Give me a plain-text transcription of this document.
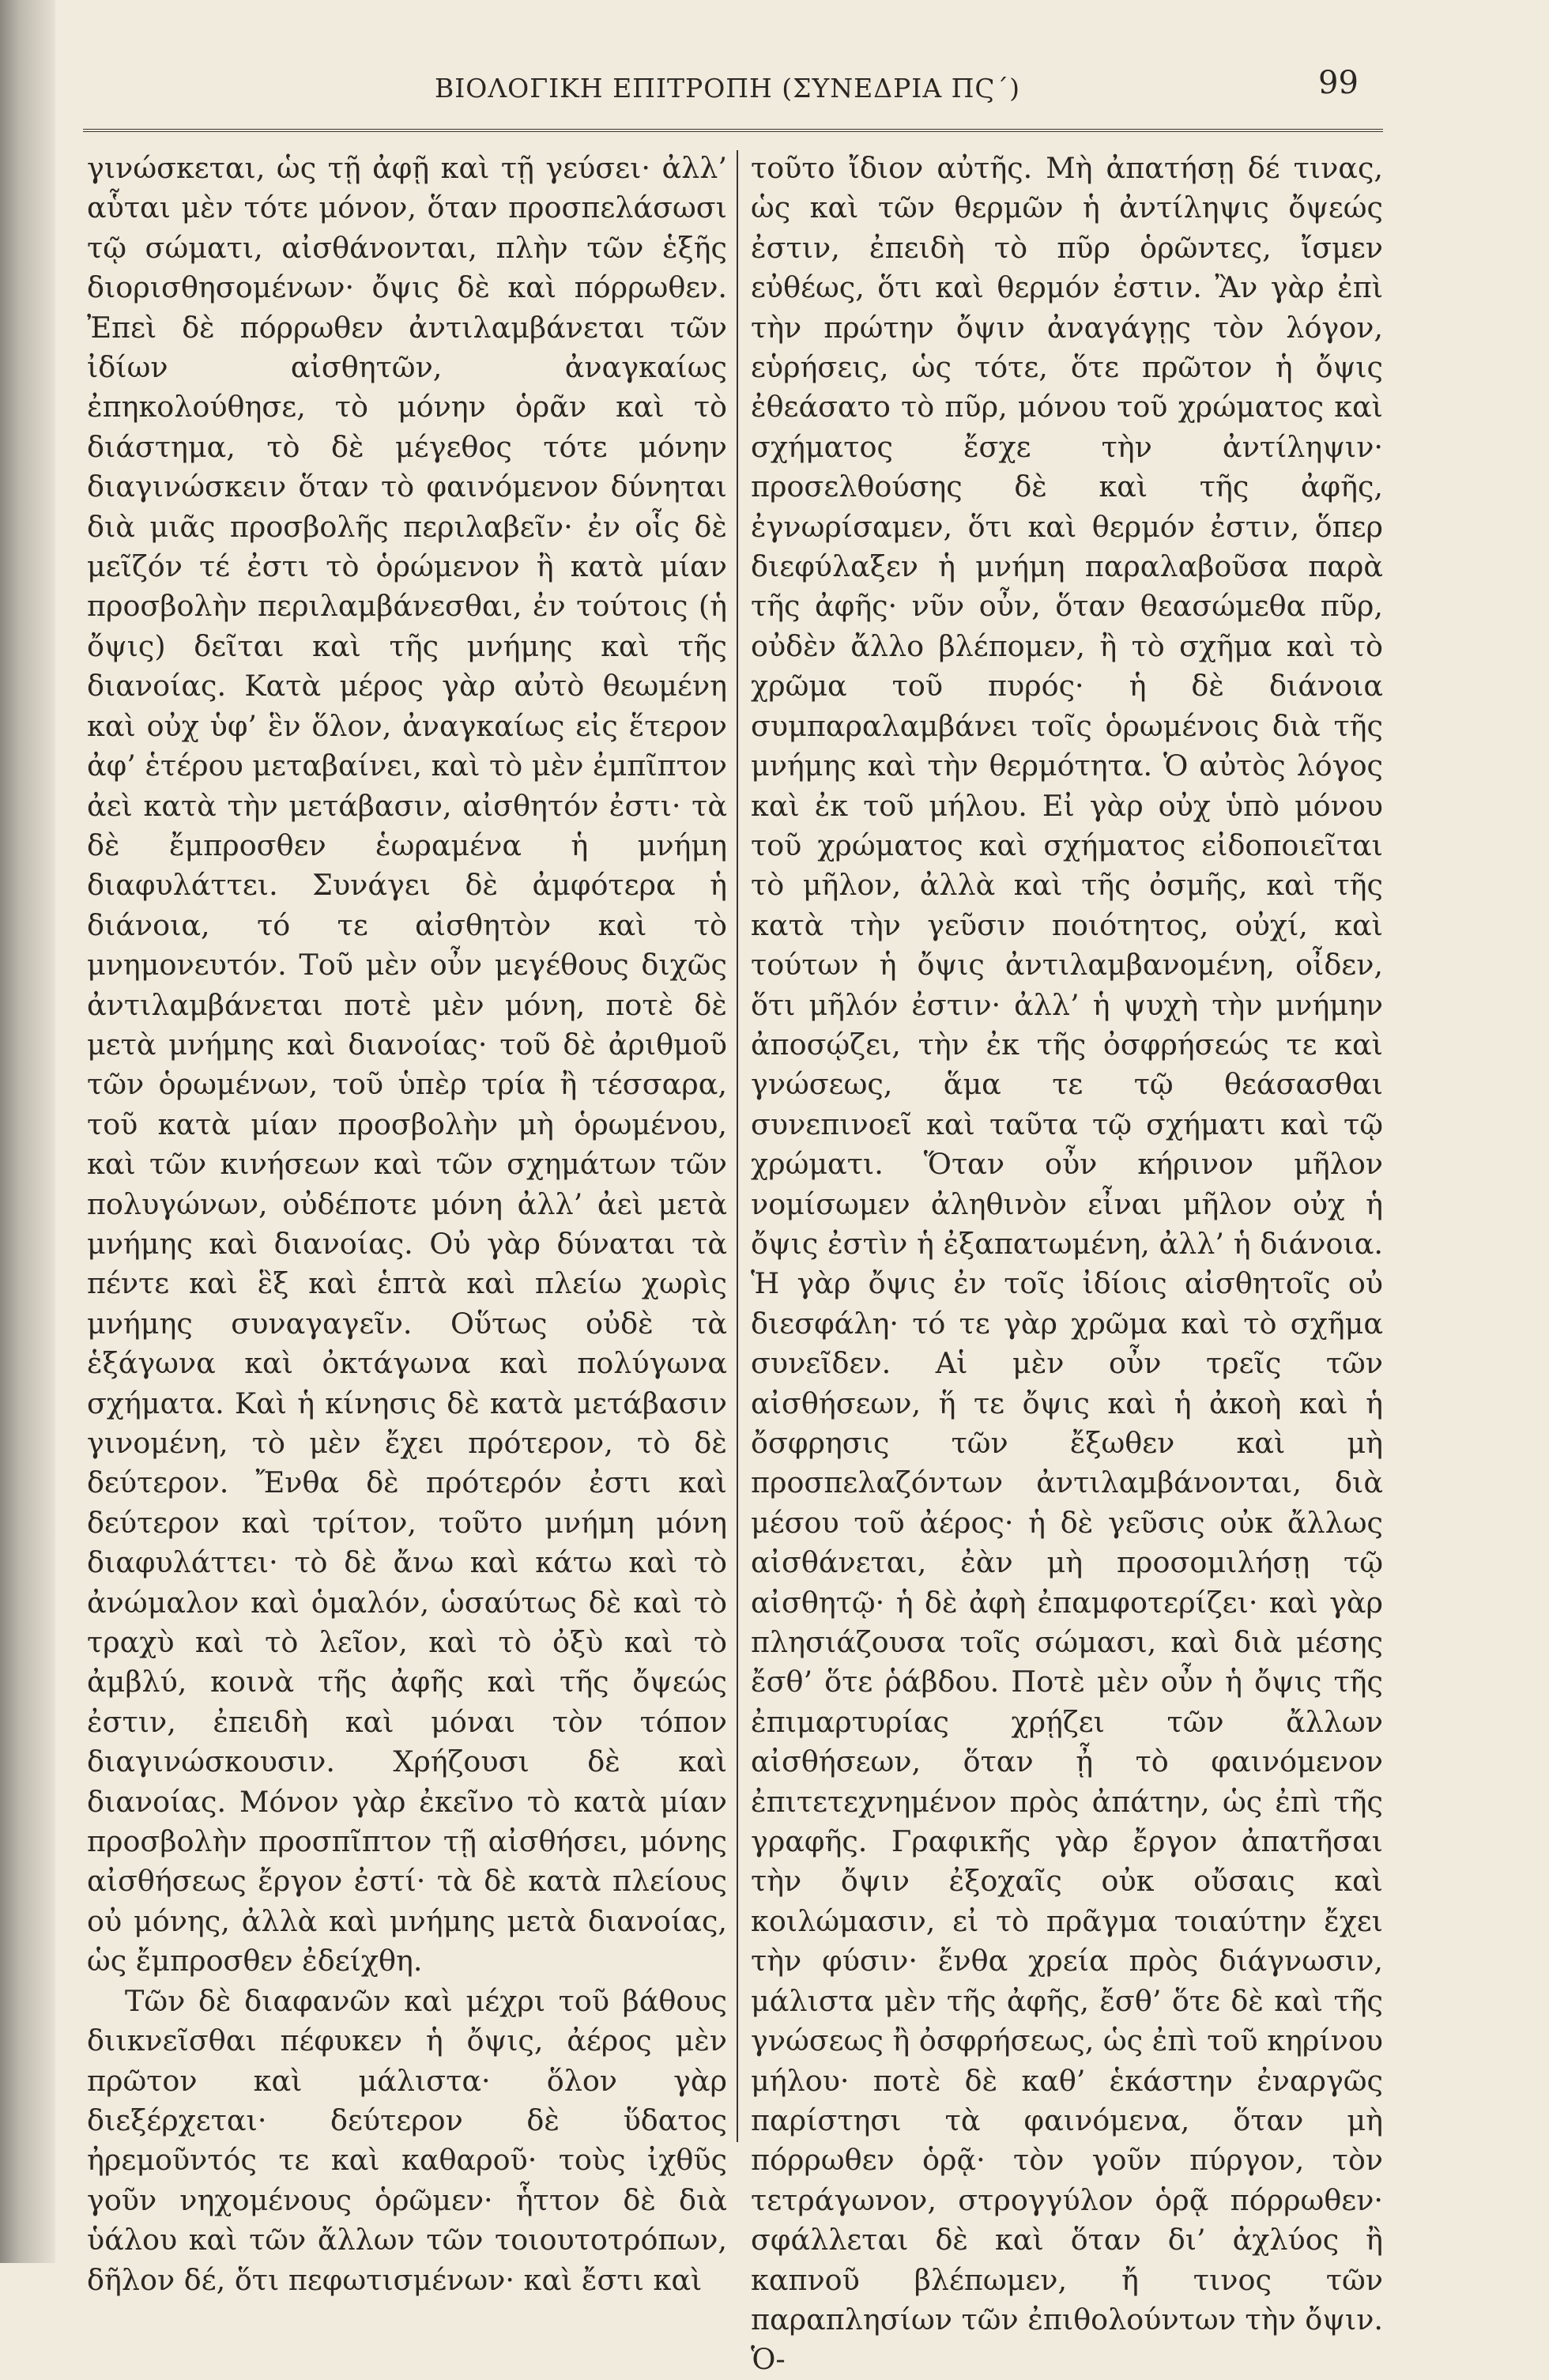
ΒΙΟΛΟΓΙΚΗ ΕΠΙΤΡΟΠΗ (ΣΥΝΕΔΡΙΑ ΠϚ΄)	99

γινώσκεται, ὡς τῇ ἀφῇ καὶ τῇ γεύσει· ἀλλ’ αὗται μὲν τότε μόνον, ὅταν προσπελάσωσι τῷ σώματι, αἰσθάνονται, πλὴν τῶν ἑξῆς διορισθησομένων· ὄψις δὲ καὶ πόρρωθεν. Ἐπεὶ δὲ πόρρωθεν ἀντιλαμβάνεται τῶν ἰδίων αἰσθητῶν, ἀναγκαίως ἐπηκολούθησε, τὸ μόνην ὁρᾶν καὶ τὸ διάστημα, τὸ δὲ μέγεθος τότε μόνην διαγινώσκειν ὅταν τὸ φαινόμενον δύνηται διὰ μιᾶς προσβολῆς περιλαβεῖν· ἐν οἷς δὲ μεῖζόν τέ ἐστι τὸ ὁρώμενον ἢ κατὰ μίαν προσβολὴν περιλαμβάνεσθαι, ἐν τούτοις (ἡ ὄψις) δεῖται καὶ τῆς μνήμης καὶ τῆς διανοίας. Κατὰ μέρος γὰρ αὐτὸ θεωμένη καὶ οὐχ ὑφ’ ἓν ὅλον, ἀναγκαίως εἰς ἕτερον ἀφ’ ἑτέρου μεταβαίνει, καὶ τὸ μὲν ἐμπῖπτον ἀεὶ κατὰ τὴν μετάβασιν, αἰσθητόν ἐστι· τὰ δὲ ἔμπροσθεν ἑωραμένα ἡ μνήμη διαφυλάττει. Συνάγει δὲ ἀμφότερα ἡ διάνοια, τό τε αἰσθητὸν καὶ τὸ μνημονευτόν. Τοῦ μὲν οὖν μεγέθους διχῶς ἀντιλαμβάνεται ποτὲ μὲν μόνη, ποτὲ δὲ μετὰ μνήμης καὶ διανοίας· τοῦ δὲ ἀριθμοῦ τῶν ὁρωμένων, τοῦ ὑπὲρ τρία ἢ τέσσαρα, τοῦ κατὰ μίαν προσβολὴν μὴ ὁρωμένου, καὶ τῶν κινήσεων καὶ τῶν σχημάτων τῶν πολυγώνων, οὐδέποτε μόνη ἀλλ’ ἀεὶ μετὰ μνήμης καὶ διανοίας. Οὐ γὰρ δύναται τὰ πέντε καὶ ἓξ καὶ ἑπτὰ καὶ πλείω χωρὶς μνήμης συναγαγεῖν. Οὕτως οὐδὲ τὰ ἑξάγωνα καὶ ὀκτάγωνα καὶ πολύγωνα σχήματα. Καὶ ἡ κίνησις δὲ κατὰ μετάβασιν γινομένη, τὸ μὲν ἔχει πρότερον, τὸ δὲ δεύτερον. Ἔνθα δὲ πρότερόν ἐστι καὶ δεύτερον καὶ τρίτον, τοῦτο μνήμη μόνη διαφυλάττει· τὸ δὲ ἄνω καὶ κάτω καὶ τὸ ἀνώμαλον καὶ ὁμαλόν, ὡσαύτως δὲ καὶ τὸ τραχὺ καὶ τὸ λεῖον, καὶ τὸ ὀξὺ καὶ τὸ ἀμβλύ, κοινὰ τῆς ἀφῆς καὶ τῆς ὄψεώς ἐστιν, ἐπειδὴ καὶ μόναι τὸν τόπον διαγινώσκουσιν. Χρήζουσι δὲ καὶ διανοίας. Μόνον γὰρ ἐκεῖνο τὸ κατὰ μίαν προσβολὴν προσπῖπτον τῇ αἰσθήσει, μόνης αἰσθήσεως ἔργον ἐστί· τὰ δὲ κατὰ πλείους οὐ μόνης, ἀλλὰ καὶ μνήμης μετὰ διανοίας, ὡς ἔμπροσθεν ἐδείχθη.

Τῶν δὲ διαφανῶν καὶ μέχρι τοῦ βάθους διικνεῖσθαι πέφυκεν ἡ ὄψις, ἀέρος μὲν πρῶτον καὶ μάλιστα· ὅλον γὰρ διεξέρχεται· δεύτερον δὲ ὕδατος ἠρεμοῦντός τε καὶ καθαροῦ· τοὺς ἰχθῦς γοῦν νηχομένους ὁρῶμεν· ἧττον δὲ διὰ ὑάλου καὶ τῶν ἄλλων τῶν τοιουτοτρόπων, δῆλον δέ, ὅτι πεφωτισμένων· καὶ ἔστι καὶ

τοῦτο ἴδιον αὐτῆς. Μὴ ἀπατήσῃ δέ τινας, ὡς καὶ τῶν θερμῶν ἡ ἀντίληψις ὄψεώς ἐστιν, ἐπειδὴ τὸ πῦρ ὁρῶντες, ἴσμεν εὐθέως, ὅτι καὶ θερμόν ἐστιν. Ἂν γὰρ ἐπὶ τὴν πρώτην ὄψιν ἀναγάγῃς τὸν λόγον, εὑρήσεις, ὡς τότε, ὅτε πρῶτον ἡ ὄψις ἐθεάσατο τὸ πῦρ, μόνου τοῦ χρώματος καὶ σχήματος ἔσχε τὴν ἀντίληψιν· προσελθούσης δὲ καὶ τῆς ἀφῆς, ἐγνωρίσαμεν, ὅτι καὶ θερμόν ἐστιν, ὅπερ διεφύλαξεν ἡ μνήμη παραλαβοῦσα παρὰ τῆς ἀφῆς· νῦν οὖν, ὅταν θεασώμεθα πῦρ, οὐδὲν ἄλλο βλέπομεν, ἢ τὸ σχῆμα καὶ τὸ χρῶμα τοῦ πυρός· ἡ δὲ διάνοια συμπαραλαμβάνει τοῖς ὁρωμένοις διὰ τῆς μνήμης καὶ τὴν θερμότητα. Ὁ αὐτὸς λόγος καὶ ἐκ τοῦ μήλου. Εἰ γὰρ οὐχ ὑπὸ μόνου τοῦ χρώματος καὶ σχήματος εἰδοποιεῖται τὸ μῆλον, ἀλλὰ καὶ τῆς ὀσμῆς, καὶ τῆς κατὰ τὴν γεῦσιν ποιότητος, οὐχί, καὶ τούτων ἡ ὄψις ἀντιλαμβανομένη, οἶδεν, ὅτι μῆλόν ἐστιν· ἀλλ’ ἡ ψυχὴ τὴν μνήμην ἀποσῴζει, τὴν ἐκ τῆς ὀσφρήσεώς τε καὶ γνώσεως, ἅμα τε τῷ θεάσασθαι συνεπινοεῖ καὶ ταῦτα τῷ σχήματι καὶ τῷ χρώματι. Ὅταν οὖν κήρινον μῆλον νομίσωμεν ἀληθινὸν εἶναι μῆλον οὐχ ἡ ὄψις ἐστὶν ἡ ἐξαπατωμένη, ἀλλ’ ἡ διάνοια. Ἡ γὰρ ὄψις ἐν τοῖς ἰδίοις αἰσθητοῖς οὐ διεσφάλη· τό τε γὰρ χρῶμα καὶ τὸ σχῆμα συνεῖδεν. Αἱ μὲν οὖν τρεῖς τῶν αἰσθήσεων, ἥ τε ὄψις καὶ ἡ ἀκοὴ καὶ ἡ ὄσφρησις τῶν ἔξωθεν καὶ μὴ προσπελαζόντων ἀντιλαμβάνονται, διὰ μέσου τοῦ ἀέρος· ἡ δὲ γεῦσις οὐκ ἄλλως αἰσθάνεται, ἐὰν μὴ προσομιλήσῃ τῷ αἰσθητῷ· ἡ δὲ ἀφὴ ἐπαμφοτερίζει· καὶ γὰρ πλησιάζουσα τοῖς σώμασι, καὶ διὰ μέσης ἔσθ’ ὅτε ῥάβδου. Ποτὲ μὲν οὖν ἡ ὄψις τῆς ἐπιμαρτυρίας χρῄζει τῶν ἄλλων αἰσθήσεων, ὅταν ᾖ τὸ φαινόμενον ἐπιτετεχνημένον πρὸς ἀπάτην, ὡς ἐπὶ τῆς γραφῆς. Γραφικῆς γὰρ ἔργον ἀπατῆσαι τὴν ὄψιν ἐξοχαῖς οὐκ οὔσαις καὶ κοιλώμασιν, εἰ τὸ πρᾶγμα τοιαύτην ἔχει τὴν φύσιν· ἔνθα χρεία πρὸς διάγνωσιν, μάλιστα μὲν τῆς ἀφῆς, ἔσθ’ ὅτε δὲ καὶ τῆς γνώσεως ἢ ὀσφρήσεως, ὡς ἐπὶ τοῦ κηρίνου μήλου· ποτὲ δὲ καθ’ ἑκάστην ἐναργῶς παρίστησι τὰ φαινόμενα, ὅταν μὴ πόρρωθεν ὁρᾷ· τὸν γοῦν πύργον, τὸν τετράγωνον, στρογγύλον ὁρᾷ πόρρωθεν· σφάλλεται δὲ καὶ ὅταν δι’ ἀχλύος ἢ καπνοῦ βλέπωμεν, ἤ τινος τῶν παραπλησίων τῶν ἐπιθολούντων τὴν ὄψιν. Ὁ-
